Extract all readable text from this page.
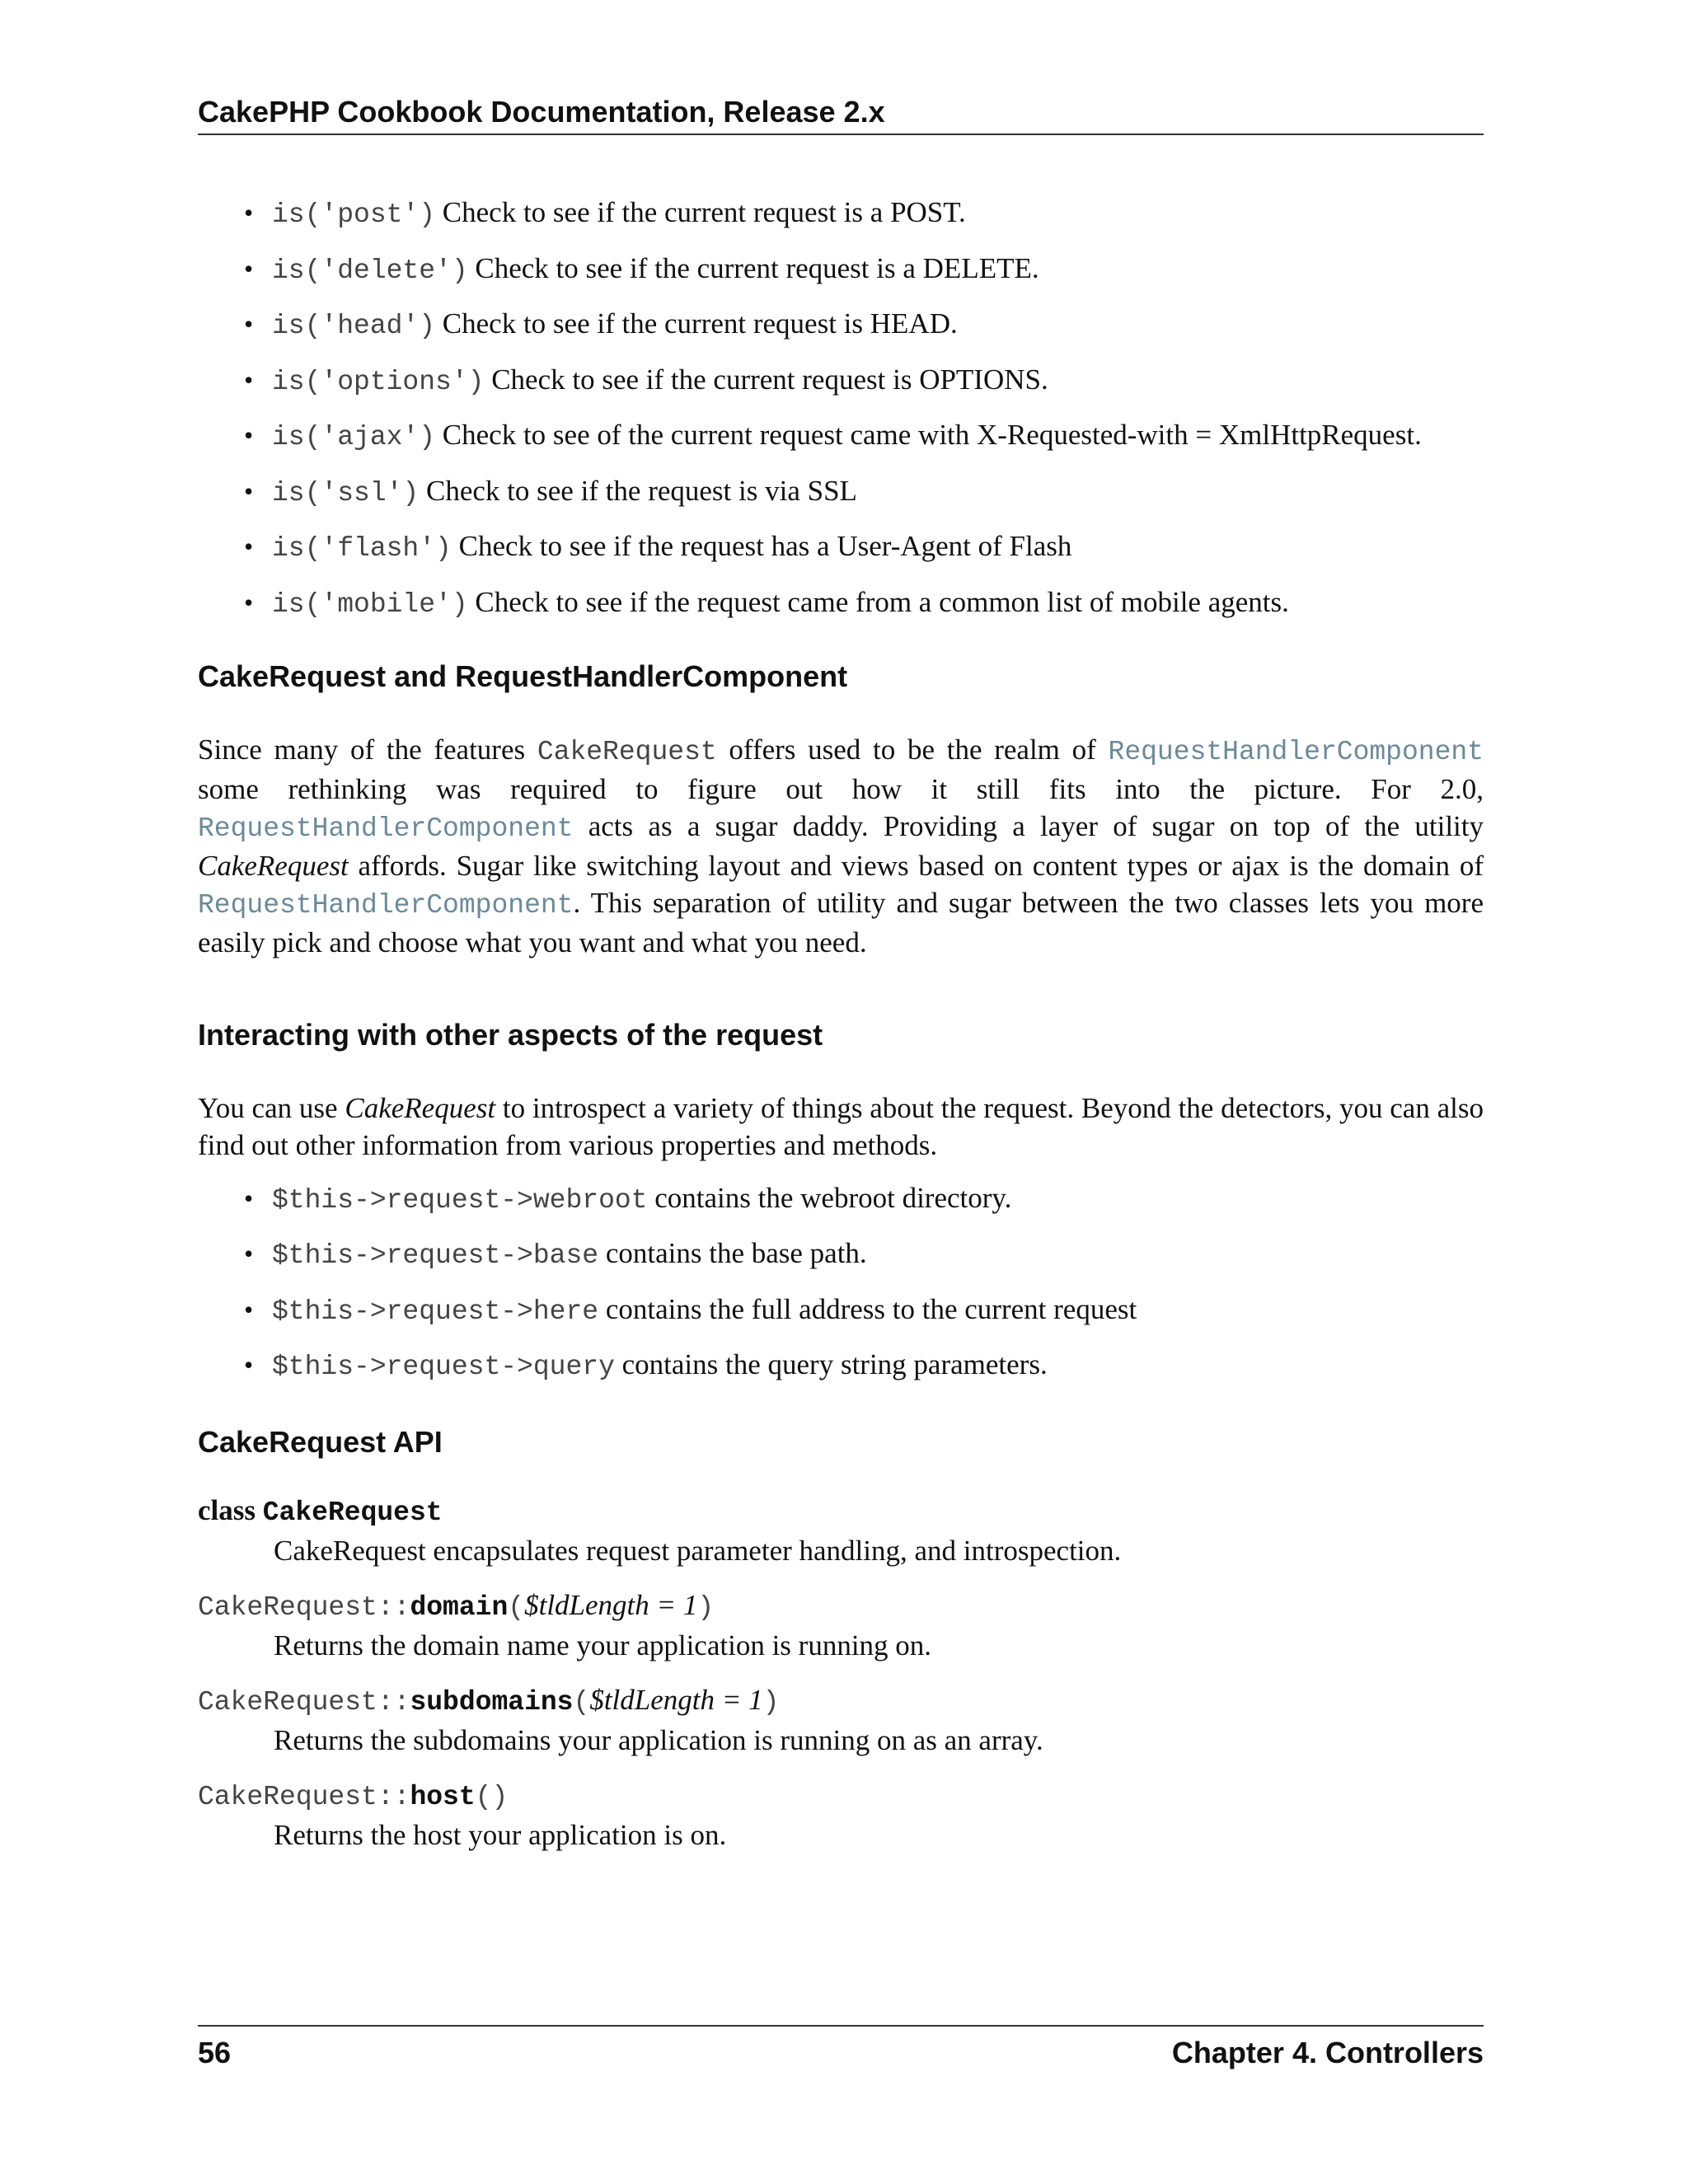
CakePHP Cookbook Documentation, Release 2.x
• is('post') Check to see if the current request is a POST.
• is('delete') Check to see if the current request is a DELETE.
• is('head') Check to see if the current request is HEAD.
• is('options') Check to see if the current request is OPTIONS.
• is('ajax') Check to see of the current request came with X-Requested-with = XmlHttpRequest.
• is('ssl') Check to see if the request is via SSL
• is('flash') Check to see if the request has a User-Agent of Flash
• is('mobile') Check to see if the request came from a common list of mobile agents.
CakeRequest and RequestHandlerComponent

Since many of the features CakeRequest offers used to be the realm of RequestHandlerComponent some rethinking was required to figure out how it still fits into the picture. For 2.0, RequestHandlerComponent acts as a sugar daddy. Providing a layer of sugar on top of the utility CakeRequest affords. Sugar like switching layout and views based on content types or ajax is the domain of RequestHandlerComponent. This separation of utility and sugar between the two classes lets you more easily pick and choose what you want and what you need.

Interacting with other aspects of the request

You can use CakeRequest to introspect a variety of things about the request. Beyond the detectors, you can also find out other information from various properties and methods.

• $this->request->webroot contains the webroot directory.
• $this->request->base contains the base path.
• $this->request->here contains the full address to the current request
• $this->request->query contains the query string parameters.
CakeRequest API

class CakeRequest

CakeRequest encapsulates request parameter handling, and introspection.

CakeRequest::domain($tldLength = 1)

Returns the domain name your application is running on.

CakeRequest::subdomains($tldLength = 1)

Returns the subdomains your application is running on as an array.

CakeRequest::host()

Returns the host your application is on.

56	Chapter 4. Controllers
